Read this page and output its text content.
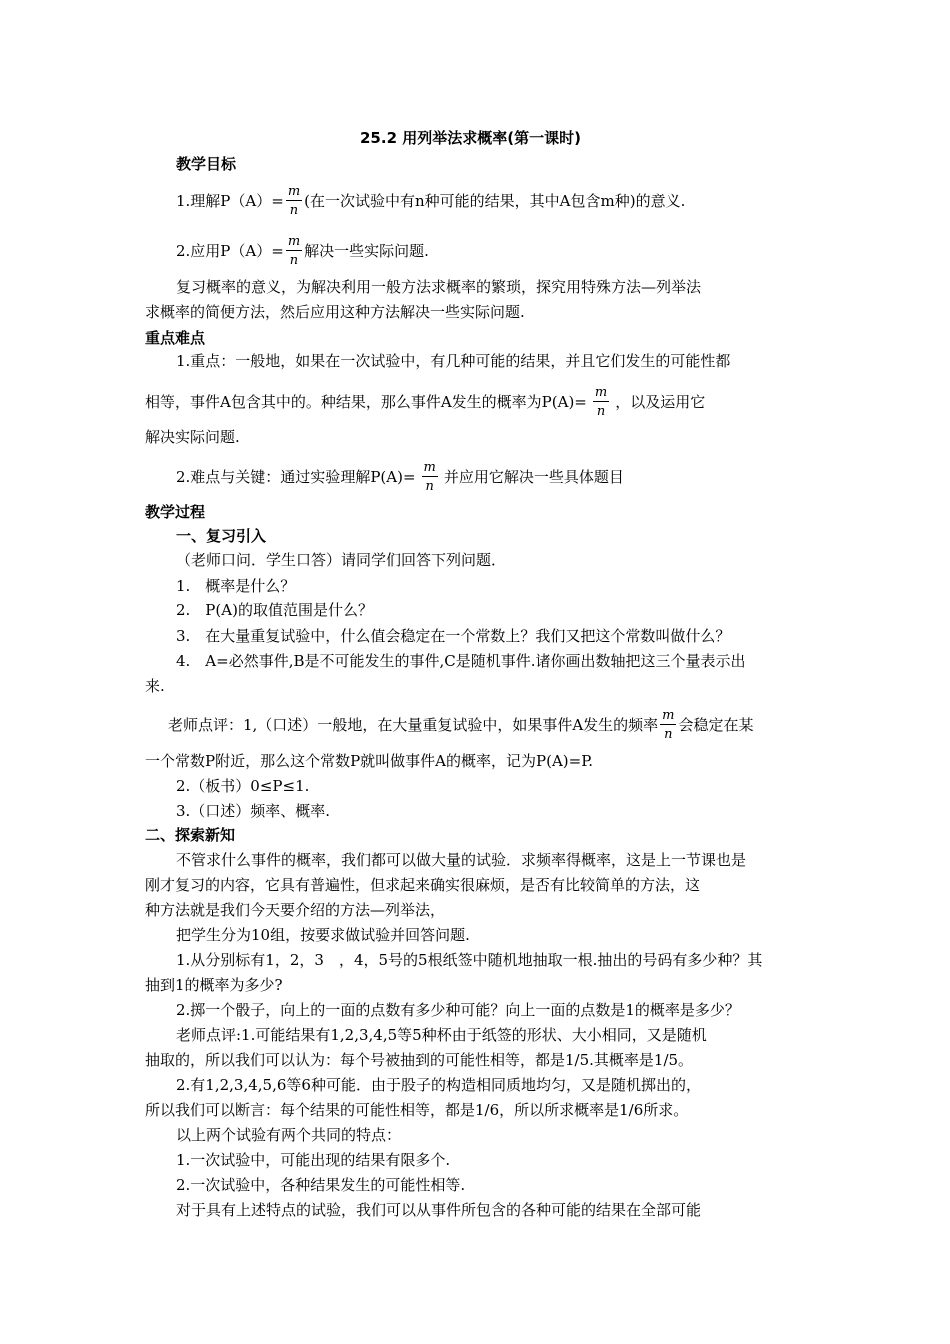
25.2 用列举法求概率(第一课时)
教学目标
1.理解$P(A)= \frac{m}{n}$ (在一次试验中有n种可能的结果，其中A包含m种)的意义.
2.应用$P(A)= \frac{m}{n}$ 解决一些实际问题.
复习概率的意义，为解决利用一般方法求概率的繁琐，探究用特殊方法—列举法
求概率的简便方法，然后应用这种方法解决一些实际问题.
重点难点
1.重点：一般地，如果在一次试验中，有几种可能的结果，并且它们发生的可能性都
相等，事件A包含其中的。种结果，那么事件A发生的概率为$P(A)= \frac{m}{n}$ ，以及运用它
解决实际问题.
2.难点与关键：通过实验理解$P(A)= \frac{m}{n}$ 并应用它解决一些具体题目
教学过程
一、复习引入
（老师口问．学生口答）请同学们回答下列问题．
1.　概率是什么？
2.　P(A)的取值范围是什么？
3.　在大量重复试验中，什么值会稳定在一个常数上？我们又把这个常数叫做什么？
4.　A=必然事件,B是不可能发生的事件,C是随机事件.诸你画出数轴把这三个量表示出
来.
老师点评：1,（口述）一般地，在大量重复试验中，如果事件A发生的频率 $\frac{m}{n}$ 会稳定在某
一个常数P附近，那么这个常数P就叫做事件A的概率，记为P(A)=P.
2.（板书）0≤P≤1.
3.（口述）频率、概率.
二、探索新知
不管求什么事件的概率，我们都可以做大量的试验．求频率得概率，这是上一节课也是
刚才复习的内容，它具有普遍性，但求起来确实很麻烦，是否有比较简单的方法，这
种方法就是我们今天要介绍的方法—列举法，
把学生分为10组，按要求做试验并回答问题.
1.从分别标有1，2，3　，4，5号的5根纸签中随机地抽取一根.抽出的号码有多少种？其
抽到1的概率为多少?
2.掷一个骰子，向上的一面的点数有多少种可能？向上一面的点数是1的概率是多少？
老师点评:1.可能结果有1,2,3,4,5等5种杯由于纸签的形状、大小相同，又是随机
抽取的，所以我们可以认为：每个号被抽到的可能性相等，都是1/5.其概率是1/5。
2.有1,2,3,4,5,6等6种可能．由于股子的构造相同质地均匀，又是随机掷出的，
所以我们可以断言：每个结果的可能性相等，都是1/6，所以所求概率是1/6所求。
以上两个试验有两个共同的特点：
1.一次试验中，可能出现的结果有限多个.
2.一次试验中，各种结果发生的可能性相等.
对于具有上述特点的试验，我们可以从事件所包含的各种可能的结果在全部可能
